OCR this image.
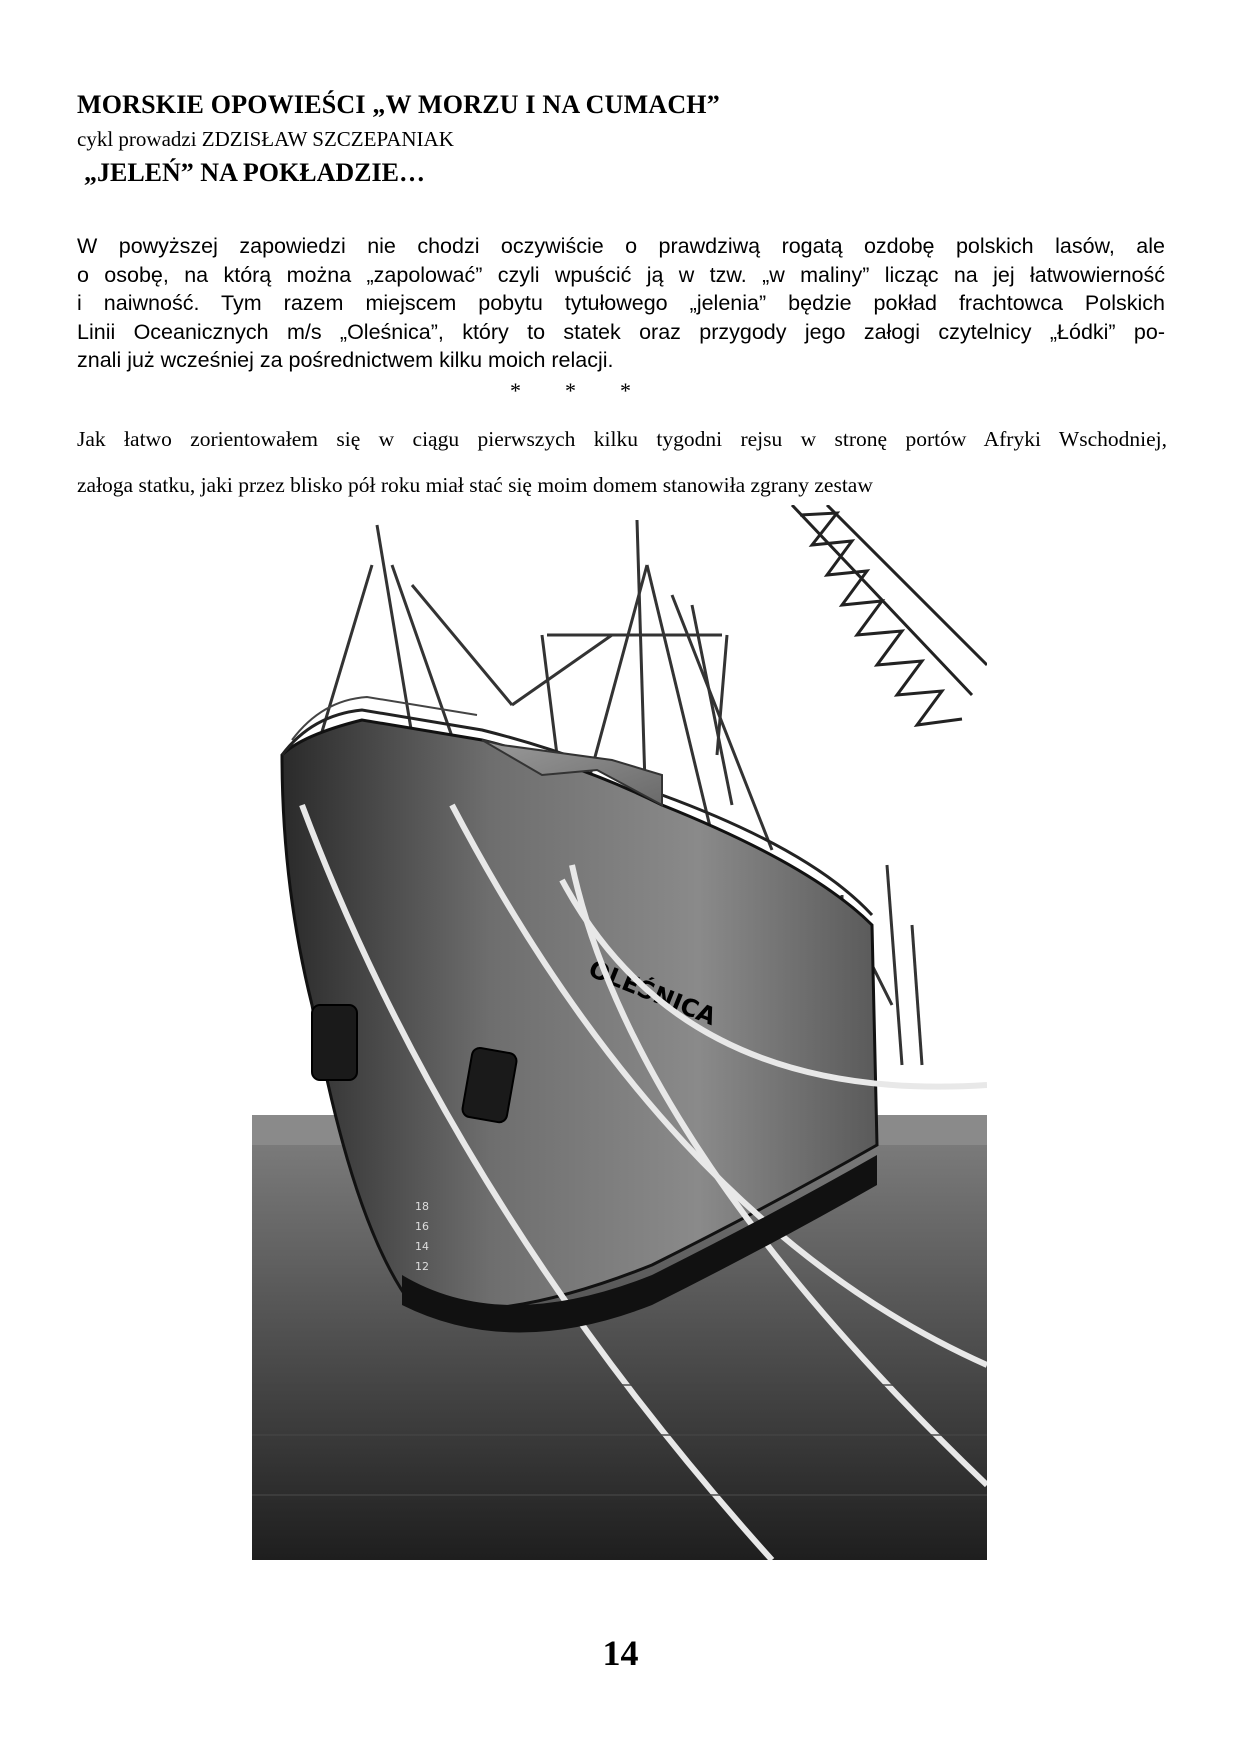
MORSKIE OPOWIEŚCI „W MORZU I NA CUMACH”
cykl prowadzi ZDZISŁAW SZCZEPANIAK
„JELEŃ” NA POKŁADZIE…
W powyższej zapowiedzi nie chodzi oczywiście o prawdziwą rogatą ozdobę polskich lasów, ale
o osobę, na którą można „zapolować” czyli wpuścić ją w tzw. „w maliny” licząc na jej łatwowierność
i naiwność. Tym razem miejscem pobytu tytułowego „jelenia” będzie pokład frachtowca Polskich
Linii Oceanicznych m/s „Oleśnica”, który to statek oraz przygody jego załogi czytelnicy „Łódki” po-
znali już wcześniej za pośrednictwem kilku moich relacji.
*        *        *
Jak łatwo zorientowałem się w ciągu pierwszych kilku tygodni rejsu w stronę portów Afryki Wschodniej,
załoga statku, jaki przez blisko pół roku miał stać się moim domem stanowiła zgrany zestaw
OLEŚNICA
18
16
14
12
14
